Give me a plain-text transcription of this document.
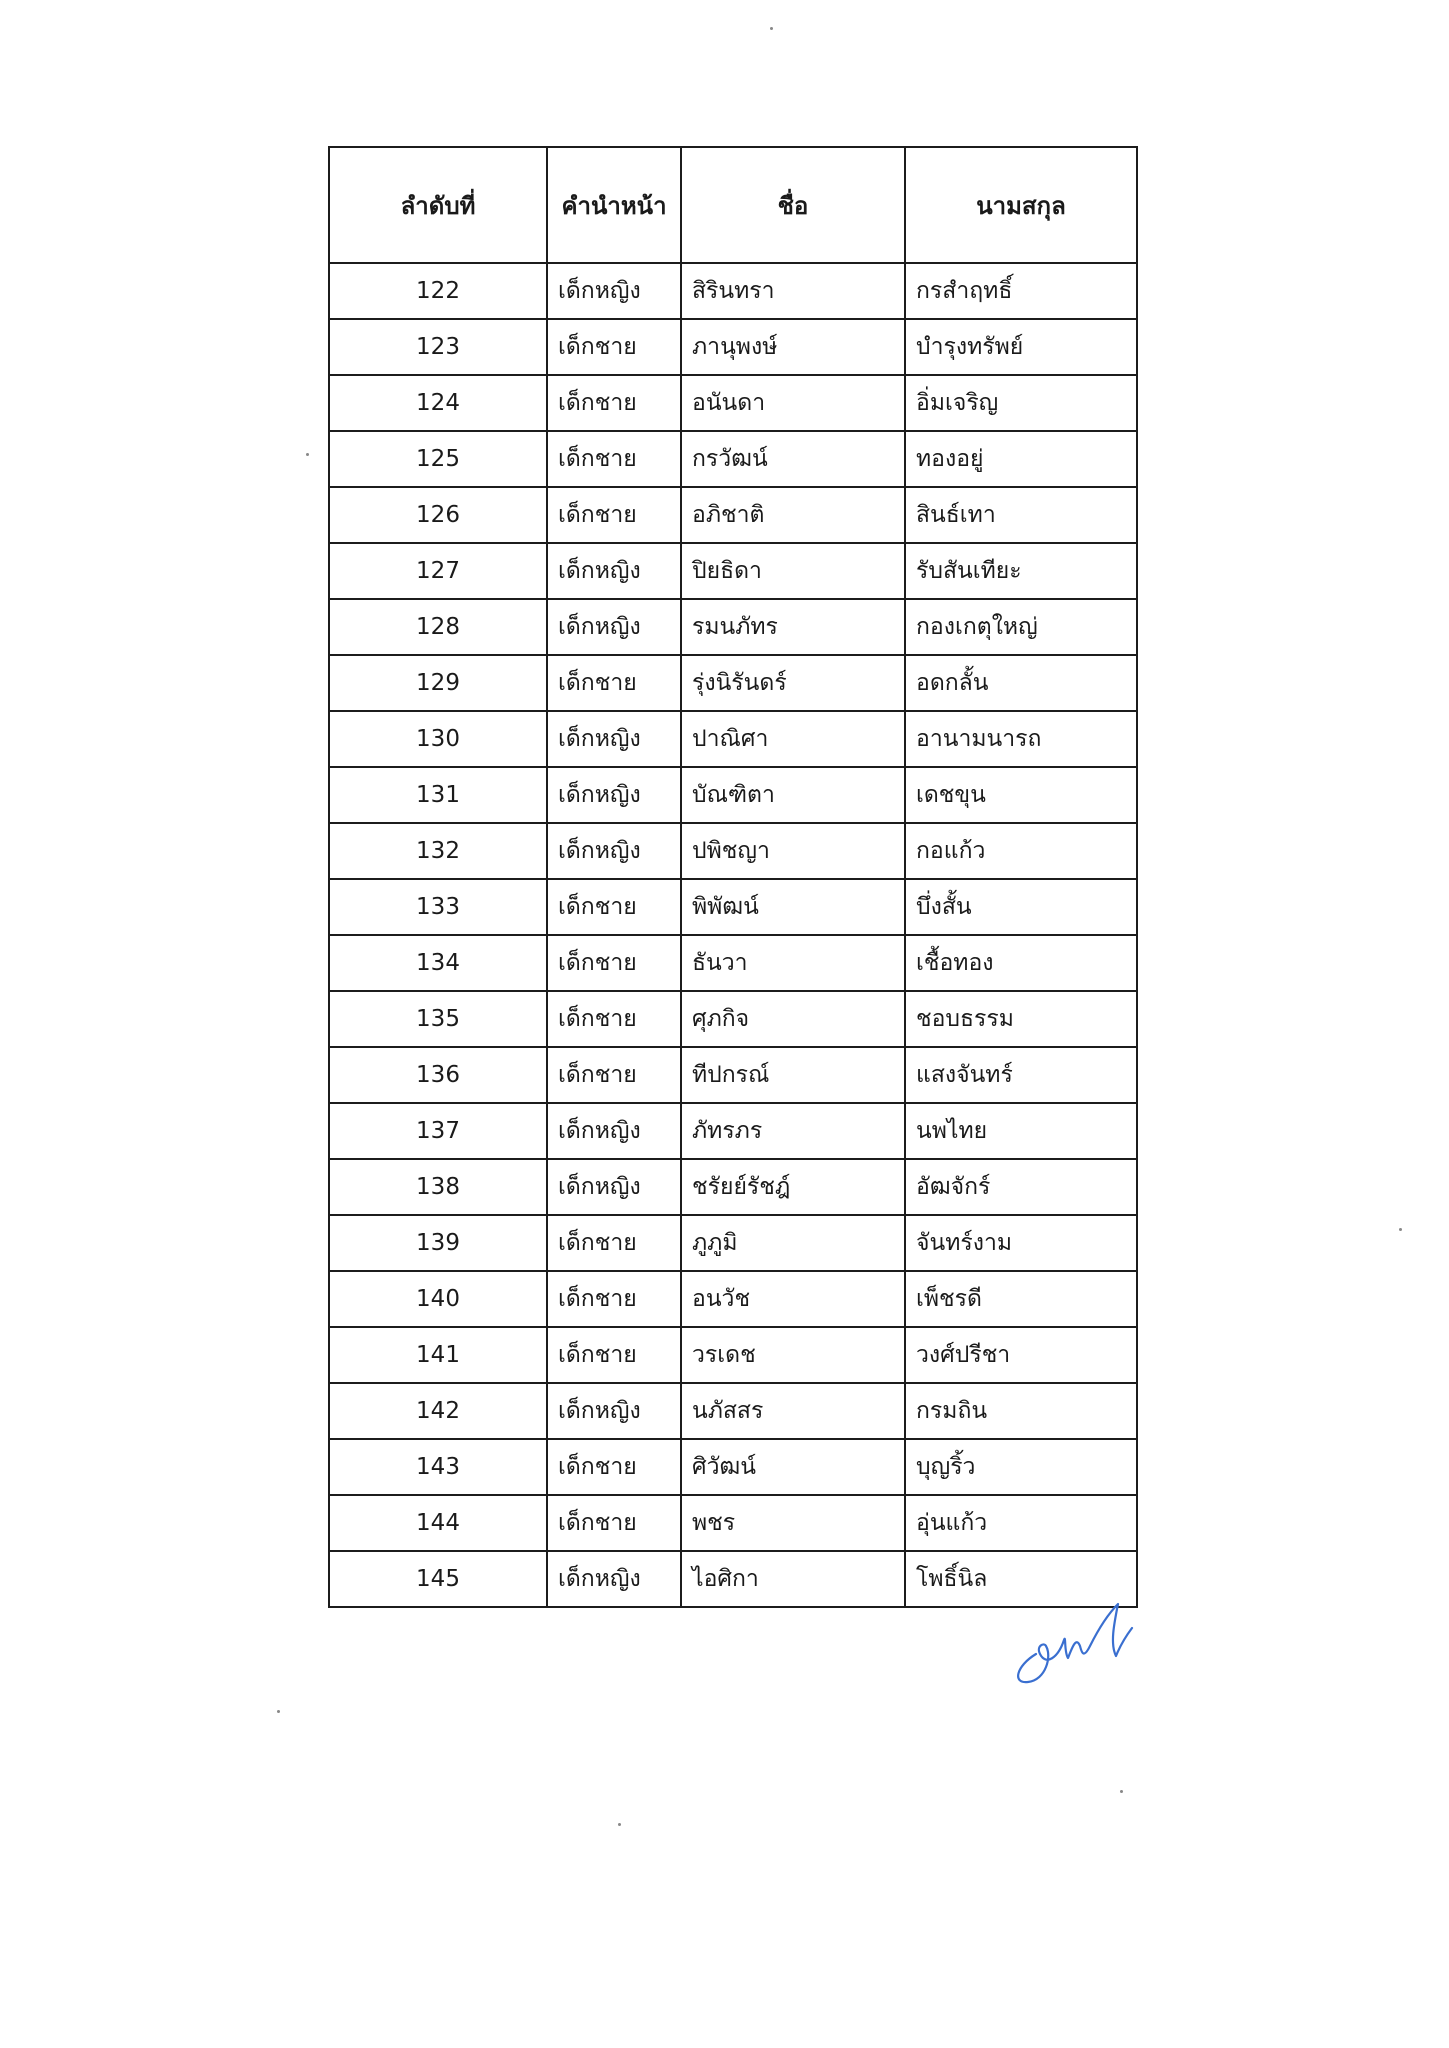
ลำดับที่	คำนำหน้า	ชื่อ	นามสกุล
122	เด็กหญิง	สิรินทรา	กรสำฤทธิ์
123	เด็กชาย	ภานุพงษ์	บำรุงทรัพย์
124	เด็กชาย	อนันดา	อิ่มเจริญ
125	เด็กชาย	กรวัฒน์	ทองอยู่
126	เด็กชาย	อภิชาติ	สินธ์เทา
127	เด็กหญิง	ปิยธิดา	รับสันเทียะ
128	เด็กหญิง	รมนภัทร	กองเกตุใหญ่
129	เด็กชาย	รุ่งนิรันดร์	อดกลั้น
130	เด็กหญิง	ปาณิศา	อานามนารถ
131	เด็กหญิง	บัณฑิตา	เดชขุน
132	เด็กหญิง	ปพิชญา	กอแก้ว
133	เด็กชาย	พิพัฒน์	บึ่งสั้น
134	เด็กชาย	ธันวา	เชื้อทอง
135	เด็กชาย	ศุภกิจ	ชอบธรรม
136	เด็กชาย	ทีปกรณ์	แสงจันทร์
137	เด็กหญิง	ภัทรภร	นพไทย
138	เด็กหญิง	ชรัยย์รัชฎ์	อัฒจักร์
139	เด็กชาย	ภูภูมิ	จันทร์งาม
140	เด็กชาย	อนวัช	เพ็ชรดี
141	เด็กชาย	วรเดช	วงศ์ปรีชา
142	เด็กหญิง	นภัสสร	กรมถิน
143	เด็กชาย	ศิวัฒน์	บุญริ้ว
144	เด็กชาย	พชร	อุ่นแก้ว
145	เด็กหญิง	ไอศิกา	โพธิ์นิล
